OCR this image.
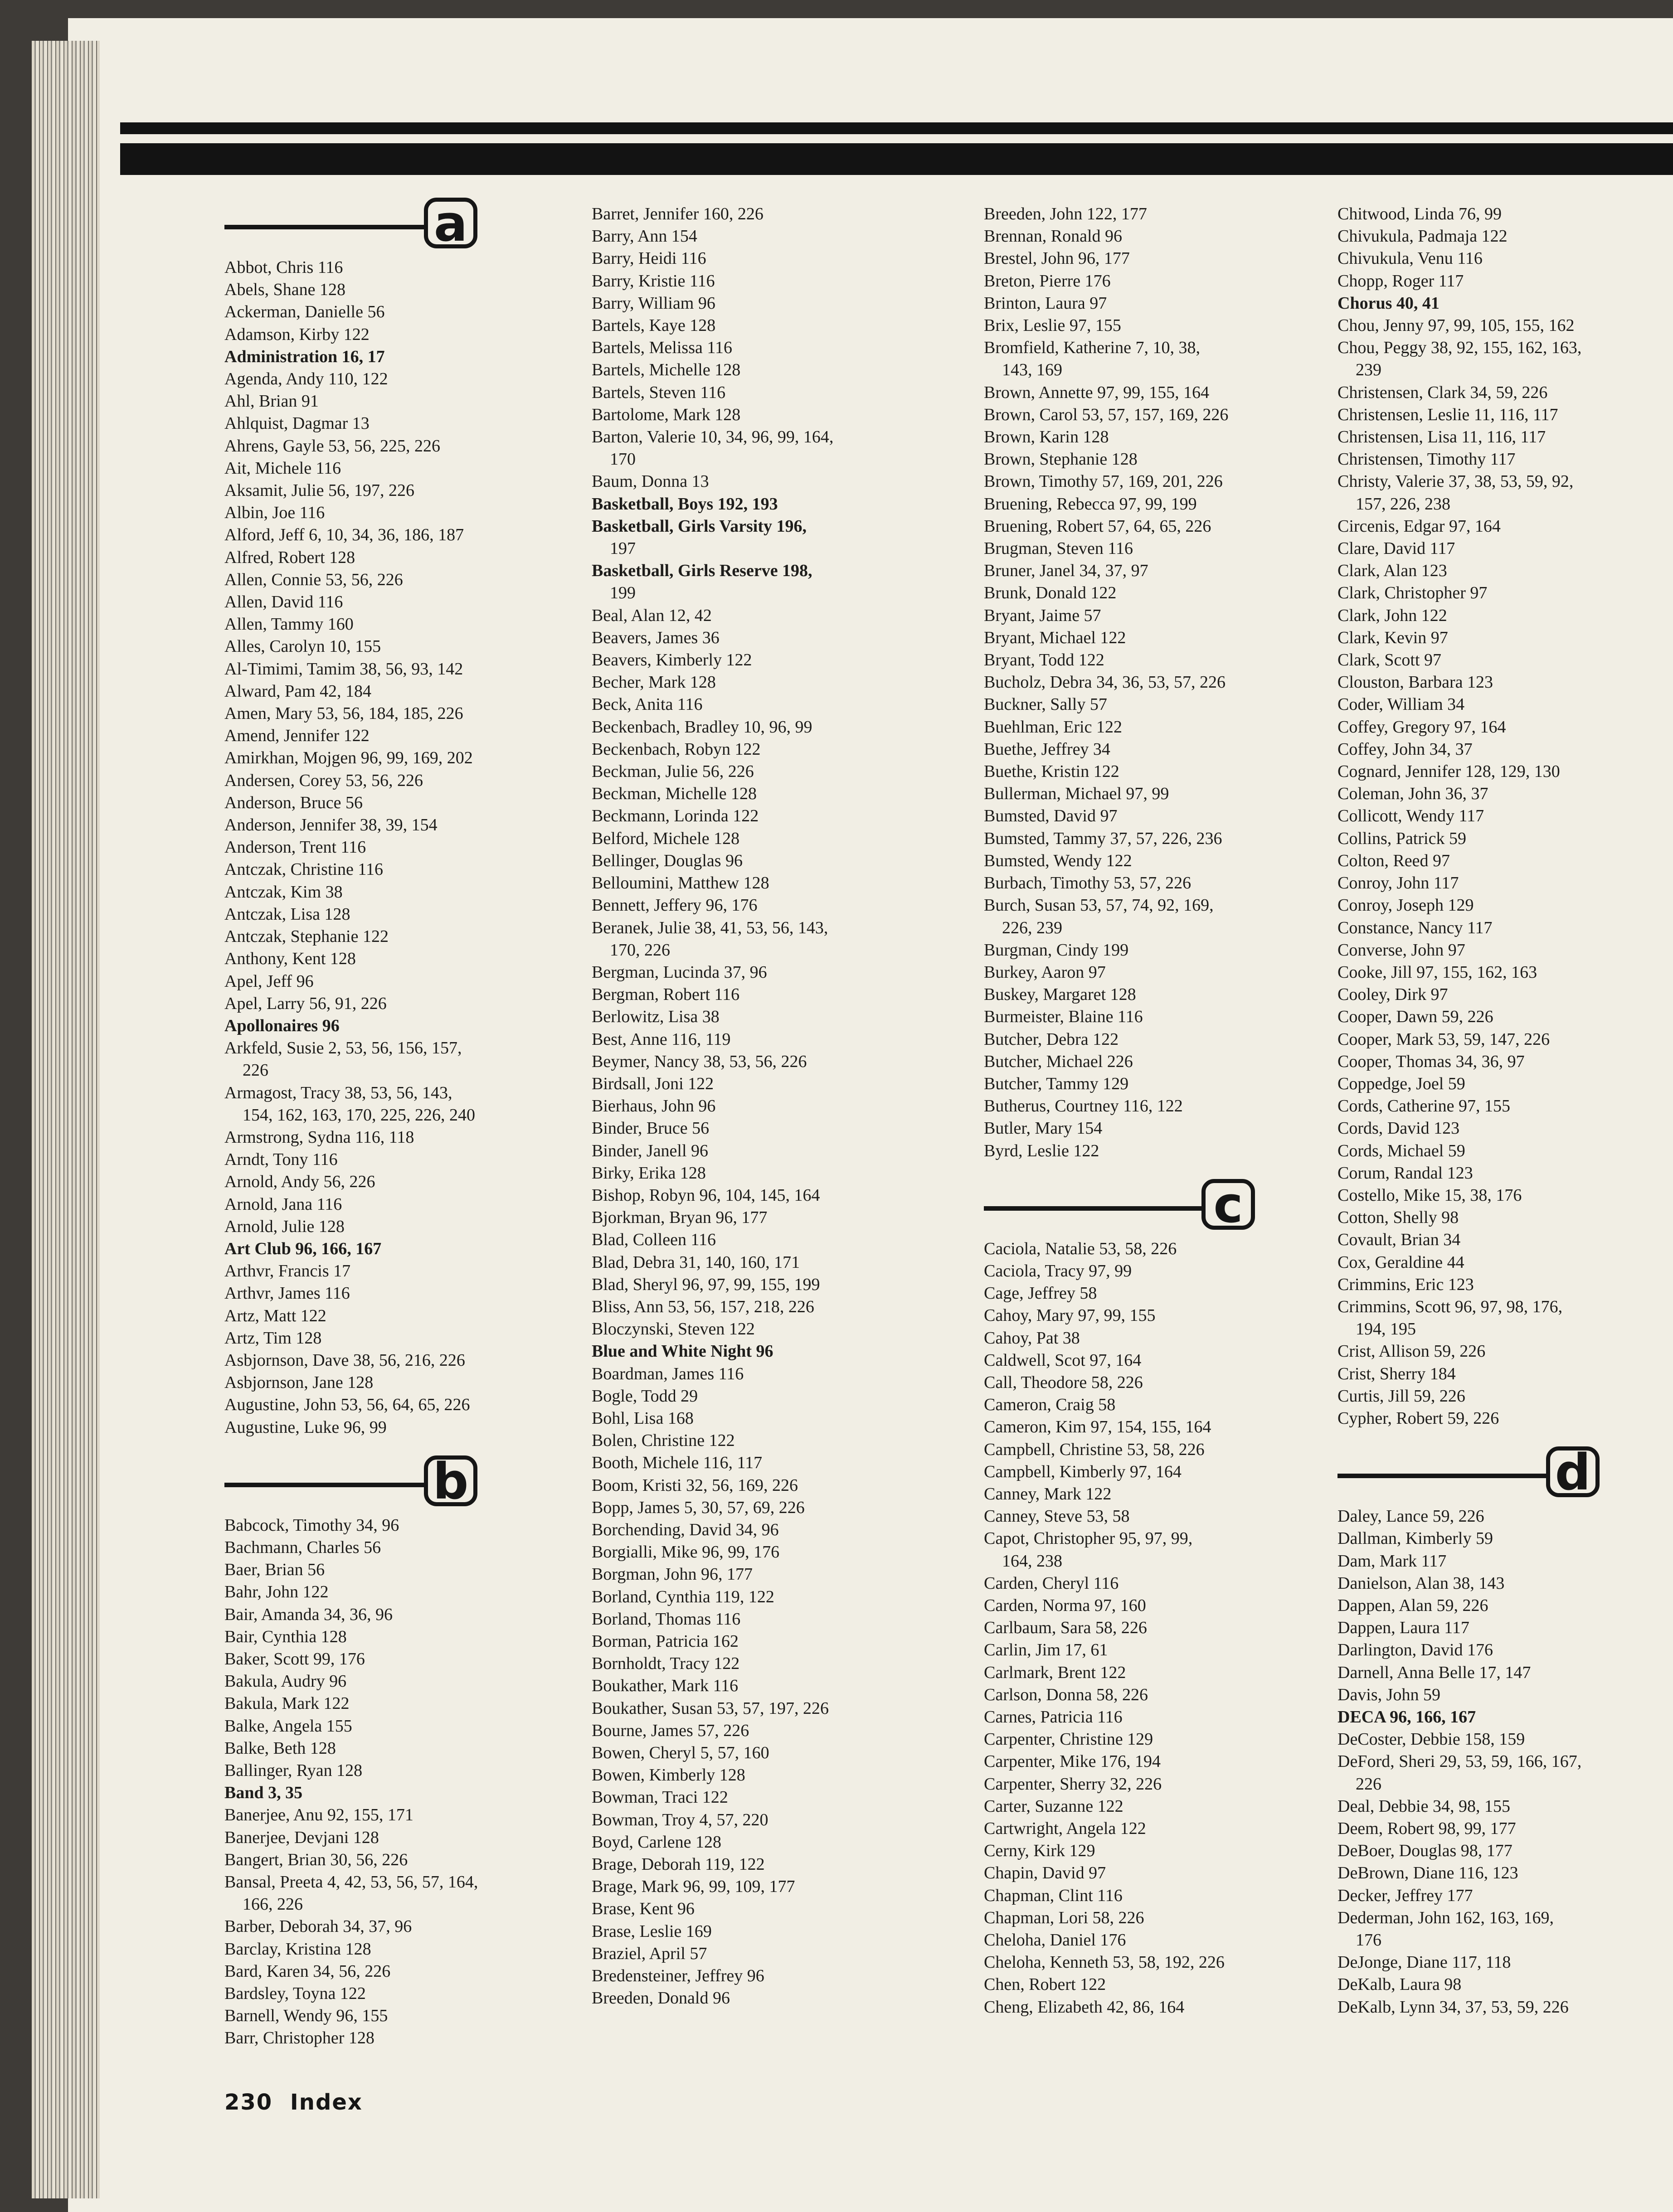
a
Abbot, Chris 116
Abels, Shane 128
Ackerman, Danielle 56
Adamson, Kirby 122
Administration 16, 17
Agenda, Andy 110, 122
Ahl, Brian 91
Ahlquist, Dagmar 13
Ahrens, Gayle 53, 56, 225, 226
Ait, Michele 116
Aksamit, Julie 56, 197, 226
Albin, Joe 116
Alford, Jeff 6, 10, 34, 36, 186, 187
Alfred, Robert 128
Allen, Connie 53, 56, 226
Allen, David 116
Allen, Tammy 160
Alles, Carolyn 10, 155
Al-Timimi, Tamim 38, 56, 93, 142
Alward, Pam 42, 184
Amen, Mary 53, 56, 184, 185, 226
Amend, Jennifer 122
Amirkhan, Mojgen 96, 99, 169, 202
Andersen, Corey 53, 56, 226
Anderson, Bruce 56
Anderson, Jennifer 38, 39, 154
Anderson, Trent 116
Antczak, Christine 116
Antczak, Kim 38
Antczak, Lisa 128
Antczak, Stephanie 122
Anthony, Kent 128
Apel, Jeff 96
Apel, Larry 56, 91, 226
Apollonaires 96
Arkfeld, Susie 2, 53, 56, 156, 157,
226
Armagost, Tracy 38, 53, 56, 143,
154, 162, 163, 170, 225, 226, 240
Armstrong, Sydna 116, 118
Arndt, Tony 116
Arnold, Andy 56, 226
Arnold, Jana 116
Arnold, Julie 128
Art Club 96, 166, 167
Arthvr, Francis 17
Arthvr, James 116
Artz, Matt 122
Artz, Tim 128
Asbjornson, Dave 38, 56, 216, 226
Asbjornson, Jane 128
Augustine, John 53, 56, 64, 65, 226
Augustine, Luke 96, 99
b
Babcock, Timothy 34, 96
Bachmann, Charles 56
Baer, Brian 56
Bahr, John 122
Bair, Amanda 34, 36, 96
Bair, Cynthia 128
Baker, Scott 99, 176
Bakula, Audry 96
Bakula, Mark 122
Balke, Angela 155
Balke, Beth 128
Ballinger, Ryan 128
Band 3, 35
Banerjee, Anu 92, 155, 171
Banerjee, Devjani 128
Bangert, Brian 30, 56, 226
Bansal, Preeta 4, 42, 53, 56, 57, 164,
166, 226
Barber, Deborah 34, 37, 96
Barclay, Kristina 128
Bard, Karen 34, 56, 226
Bardsley, Toyna 122
Barnell, Wendy 96, 155
Barr, Christopher 128
Barret, Jennifer 160, 226
Barry, Ann 154
Barry, Heidi 116
Barry, Kristie 116
Barry, William 96
Bartels, Kaye 128
Bartels, Melissa 116
Bartels, Michelle 128
Bartels, Steven 116
Bartolome, Mark 128
Barton, Valerie 10, 34, 96, 99, 164,
170
Baum, Donna 13
Basketball, Boys 192, 193
Basketball, Girls Varsity 196,
197
Basketball, Girls Reserve 198,
199
Beal, Alan 12, 42
Beavers, James 36
Beavers, Kimberly 122
Becher, Mark 128
Beck, Anita 116
Beckenbach, Bradley 10, 96, 99
Beckenbach, Robyn 122
Beckman, Julie 56, 226
Beckman, Michelle 128
Beckmann, Lorinda 122
Belford, Michele 128
Bellinger, Douglas 96
Belloumini, Matthew 128
Bennett, Jeffery 96, 176
Beranek, Julie 38, 41, 53, 56, 143,
170, 226
Bergman, Lucinda 37, 96
Bergman, Robert 116
Berlowitz, Lisa 38
Best, Anne 116, 119
Beymer, Nancy 38, 53, 56, 226
Birdsall, Joni 122
Bierhaus, John 96
Binder, Bruce 56
Binder, Janell 96
Birky, Erika 128
Bishop, Robyn 96, 104, 145, 164
Bjorkman, Bryan 96, 177
Blad, Colleen 116
Blad, Debra 31, 140, 160, 171
Blad, Sheryl 96, 97, 99, 155, 199
Bliss, Ann 53, 56, 157, 218, 226
Bloczynski, Steven 122
Blue and White Night 96
Boardman, James 116
Bogle, Todd 29
Bohl, Lisa 168
Bolen, Christine 122
Booth, Michele 116, 117
Boom, Kristi 32, 56, 169, 226
Bopp, James 5, 30, 57, 69, 226
Borchending, David 34, 96
Borgialli, Mike 96, 99, 176
Borgman, John 96, 177
Borland, Cynthia 119, 122
Borland, Thomas 116
Borman, Patricia 162
Bornholdt, Tracy 122
Boukather, Mark 116
Boukather, Susan 53, 57, 197, 226
Bourne, James 57, 226
Bowen, Cheryl 5, 57, 160
Bowen, Kimberly 128
Bowman, Traci 122
Bowman, Troy 4, 57, 220
Boyd, Carlene 128
Brage, Deborah 119, 122
Brage, Mark 96, 99, 109, 177
Brase, Kent 96
Brase, Leslie 169
Braziel, April 57
Bredensteiner, Jeffrey 96
Breeden, Donald 96
Breeden, John 122, 177
Brennan, Ronald 96
Brestel, John 96, 177
Breton, Pierre 176
Brinton, Laura 97
Brix, Leslie 97, 155
Bromfield, Katherine 7, 10, 38,
143, 169
Brown, Annette 97, 99, 155, 164
Brown, Carol 53, 57, 157, 169, 226
Brown, Karin 128
Brown, Stephanie 128
Brown, Timothy 57, 169, 201, 226
Bruening, Rebecca 97, 99, 199
Bruening, Robert 57, 64, 65, 226
Brugman, Steven 116
Bruner, Janel 34, 37, 97
Brunk, Donald 122
Bryant, Jaime 57
Bryant, Michael 122
Bryant, Todd 122
Bucholz, Debra 34, 36, 53, 57, 226
Buckner, Sally 57
Buehlman, Eric 122
Buethe, Jeffrey 34
Buethe, Kristin 122
Bullerman, Michael 97, 99
Bumsted, David 97
Bumsted, Tammy 37, 57, 226, 236
Bumsted, Wendy 122
Burbach, Timothy 53, 57, 226
Burch, Susan 53, 57, 74, 92, 169,
226, 239
Burgman, Cindy 199
Burkey, Aaron 97
Buskey, Margaret 128
Burmeister, Blaine 116
Butcher, Debra 122
Butcher, Michael 226
Butcher, Tammy 129
Butherus, Courtney 116, 122
Butler, Mary 154
Byrd, Leslie 122
c
Caciola, Natalie 53, 58, 226
Caciola, Tracy 97, 99
Cage, Jeffrey 58
Cahoy, Mary 97, 99, 155
Cahoy, Pat 38
Caldwell, Scot 97, 164
Call, Theodore 58, 226
Cameron, Craig 58
Cameron, Kim 97, 154, 155, 164
Campbell, Christine 53, 58, 226
Campbell, Kimberly 97, 164
Canney, Mark 122
Canney, Steve 53, 58
Capot, Christopher 95, 97, 99,
164, 238
Carden, Cheryl 116
Carden, Norma 97, 160
Carlbaum, Sara 58, 226
Carlin, Jim 17, 61
Carlmark, Brent 122
Carlson, Donna 58, 226
Carnes, Patricia 116
Carpenter, Christine 129
Carpenter, Mike 176, 194
Carpenter, Sherry 32, 226
Carter, Suzanne 122
Cartwright, Angela 122
Cerny, Kirk 129
Chapin, David 97
Chapman, Clint 116
Chapman, Lori 58, 226
Cheloha, Daniel 176
Cheloha, Kenneth 53, 58, 192, 226
Chen, Robert 122
Cheng, Elizabeth 42, 86, 164
Chitwood, Linda 76, 99
Chivukula, Padmaja 122
Chivukula, Venu 116
Chopp, Roger 117
Chorus 40, 41
Chou, Jenny 97, 99, 105, 155, 162
Chou, Peggy 38, 92, 155, 162, 163,
239
Christensen, Clark 34, 59, 226
Christensen, Leslie 11, 116, 117
Christensen, Lisa 11, 116, 117
Christensen, Timothy 117
Christy, Valerie 37, 38, 53, 59, 92,
157, 226, 238
Circenis, Edgar 97, 164
Clare, David 117
Clark, Alan 123
Clark, Christopher 97
Clark, John 122
Clark, Kevin 97
Clark, Scott 97
Clouston, Barbara 123
Coder, William 34
Coffey, Gregory 97, 164
Coffey, John 34, 37
Cognard, Jennifer 128, 129, 130
Coleman, John 36, 37
Collicott, Wendy 117
Collins, Patrick 59
Colton, Reed 97
Conroy, John 117
Conroy, Joseph 129
Constance, Nancy 117
Converse, John 97
Cooke, Jill 97, 155, 162, 163
Cooley, Dirk 97
Cooper, Dawn 59, 226
Cooper, Mark 53, 59, 147, 226
Cooper, Thomas 34, 36, 97
Coppedge, Joel 59
Cords, Catherine 97, 155
Cords, David 123
Cords, Michael 59
Corum, Randal 123
Costello, Mike 15, 38, 176
Cotton, Shelly 98
Covault, Brian 34
Cox, Geraldine 44
Crimmins, Eric 123
Crimmins, Scott 96, 97, 98, 176,
194, 195
Crist, Allison 59, 226
Crist, Sherry 184
Curtis, Jill 59, 226
Cypher, Robert 59, 226
d
Daley, Lance 59, 226
Dallman, Kimberly 59
Dam, Mark 117
Danielson, Alan 38, 143
Dappen, Alan 59, 226
Dappen, Laura 117
Darlington, David 176
Darnell, Anna Belle 17, 147
Davis, John 59
DECA 96, 166, 167
DeCoster, Debbie 158, 159
DeFord, Sheri 29, 53, 59, 166, 167,
226
Deal, Debbie 34, 98, 155
Deem, Robert 98, 99, 177
DeBoer, Douglas 98, 177
DeBrown, Diane 116, 123
Decker, Jeffrey 177
Dederman, John 162, 163, 169,
176
DeJonge, Diane 117, 118
DeKalb, Laura 98
DeKalb, Lynn 34, 37, 53, 59, 226
230 Index
